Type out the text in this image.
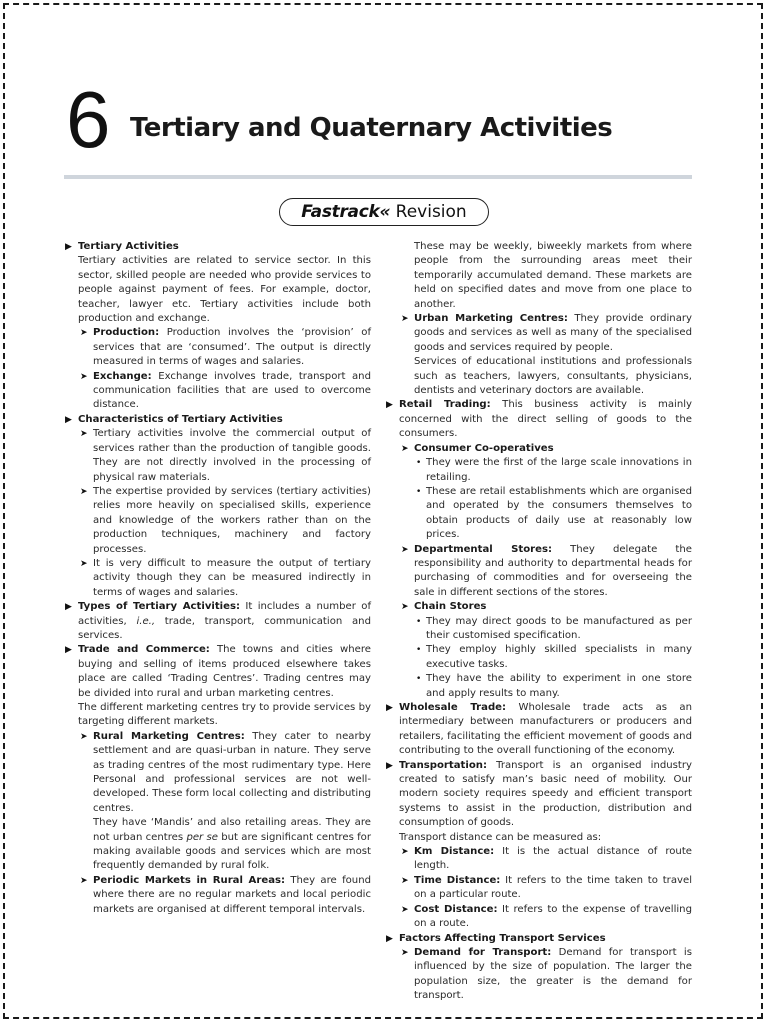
6 Tertiary and Quaternary Activities
Fastrack «
Revision
▶ Tertiary Activities
Tertiary activities are related to service sector. In this sector, skilled people are needed who provide services to people against payment of fees. For example, doctor, teacher, lawyer etc. Tertiary activities include both production and exchange.
➤ Production: Production involves the ‘provision’ of services that are ‘consumed’. The output is directly measured in terms of wages and salaries.
➤ Exchange: Exchange involves trade, transport and communication facilities that are used to overcome distance.
▶ Characteristics of Tertiary Activities
➤ Tertiary activities involve the commercial output of services rather than the production of tangible goods. They are not directly involved in the processing of physical raw materials.
➤ The expertise provided by services (tertiary activities) relies more heavily on specialised skills, experience and knowledge of the workers rather than on the production techniques, machinery and factory processes.
➤ It is very difficult to measure the output of tertiary activity though they can be measured indirectly in terms of wages and salaries.
▶ Types of Tertiary Activities: It includes a number of activities, i.e., trade, transport, communication and services.
▶ Trade and Commerce: The towns and cities where buying and selling of items produced elsewhere takes place are called ‘Trading Centres’. Trading centres may be divided into rural and urban marketing centres.
The different marketing centres try to provide services by targeting different markets.
➤ Rural Marketing Centres: They cater to nearby settlement and are quasi-urban in nature. They serve as trading centres of the most rudimentary type. Here Personal and professional services are not well-developed. These form local collecting and distributing centres.
They have ‘Mandis’ and also retailing areas. They are not urban centres per se but are significant centres for making available goods and services which are most frequently demanded by rural folk.
➤ Periodic Markets in Rural Areas: They are found where there are no regular markets and local periodic markets are organised at different temporal intervals.
These may be weekly, biweekly markets from where people from the surrounding areas meet their temporarily accumulated demand. These markets are held on specified dates and move from one place to another.
➤ Urban Marketing Centres: They provide ordinary goods and services as well as many of the specialised goods and services required by people.
Services of educational institutions and professionals such as teachers, lawyers, consultants, physicians, dentists and veterinary doctors are available.
▶ Retail Trading: This business activity is mainly concerned with the direct selling of goods to the consumers.
➤ Consumer Co-operatives
• They were the first of the large scale innovations in retailing.
• These are retail establishments which are organised and operated by the consumers themselves to obtain products of daily use at reasonably low prices.
➤ Departmental Stores: They delegate the responsibility and authority to departmental heads for purchasing of commodities and for overseeing the sale in different sections of the stores.
➤ Chain Stores
• They may direct goods to be manufactured as per their customised specification.
• They employ highly skilled specialists in many executive tasks.
• They have the ability to experiment in one store and apply results to many.
▶ Wholesale Trade: Wholesale trade acts as an intermediary between manufacturers or producers and retailers, facilitating the efficient movement of goods and contributing to the overall functioning of the economy.
▶ Transportation: Transport is an organised industry created to satisfy man’s basic need of mobility. Our modern society requires speedy and efficient transport systems to assist in the production, distribution and consumption of goods.
Transport distance can be measured as:
➤ Km Distance: It is the actual distance of route length.
➤ Time Distance: It refers to the time taken to travel on a particular route.
➤ Cost Distance: It refers to the expense of travelling on a route.
▶ Factors Affecting Transport Services
➤ Demand for Transport: Demand for transport is influenced by the size of population. The larger the population size, the greater is the demand for transport.
